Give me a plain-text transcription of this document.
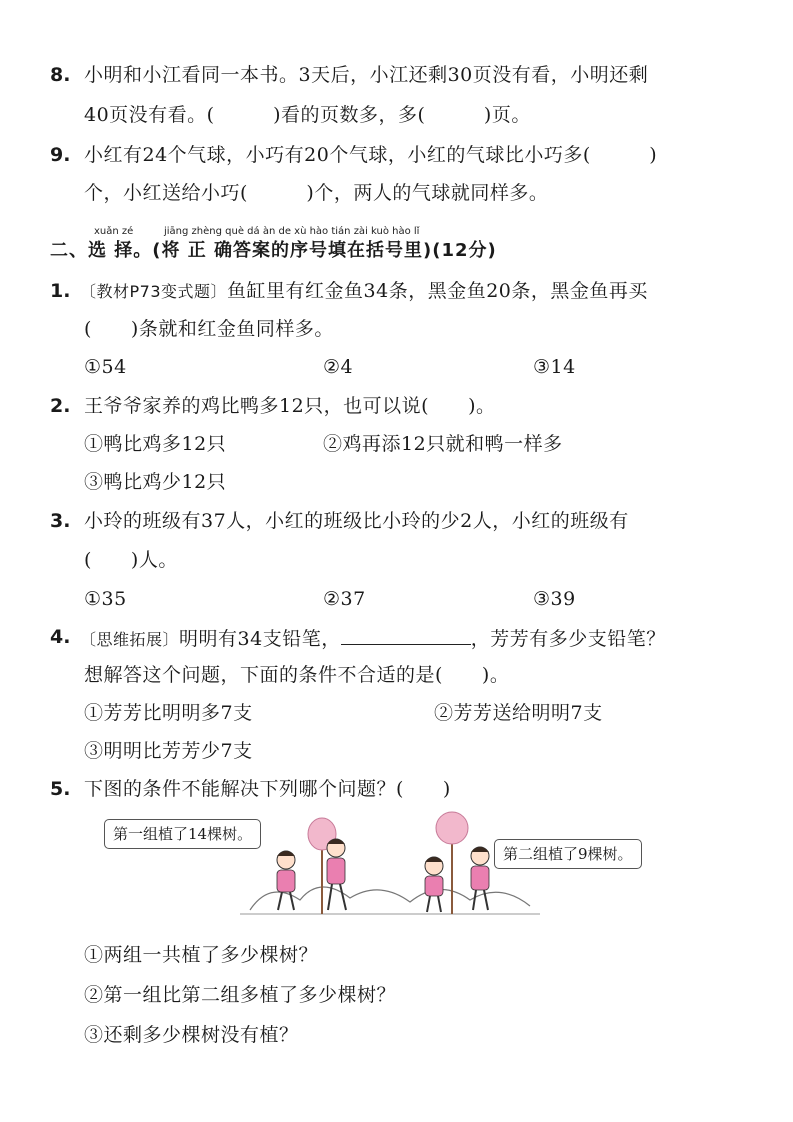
8. 小明和小江看同一本书。3天后，小江还剩30页没有看，小明还剩
40页没有看。(　　　)看的页数多，多(　　　)页。
9. 小红有24个气球，小巧有20个气球，小红的气球比小巧多(　　　)
个，小红送给小巧(　　　)个，两人的气球就同样多。
xuǎn zé	jiāng zhèng què dá àn de xù hào tián zài kuò hào lǐ
二、选 择。(将 正 确答案的序号填在括号里)(12分)
1. 〔教材P73变式题〕鱼缸里有红金鱼34条，黑金鱼20条，黑金鱼再买
(　　)条就和红金鱼同样多。
①54	②4	③14
2. 王爷爷家养的鸡比鸭多12只，也可以说(　　)。
①鸭比鸡多12只	②鸡再添12只就和鸭一样多
③鸭比鸡少12只
3. 小玲的班级有37人，小红的班级比小玲的少2人，小红的班级有
(　　)人。
①35	②37	③39
4. 〔思维拓展〕明明有34支铅笔，	，芳芳有多少支铅笔？
想解答这个问题，下面的条件不合适的是(　　)。
①芳芳比明明多7支	②芳芳送给明明7支
③明明比芳芳少7支
5. 下图的条件不能解决下列哪个问题？(　　)
第一组植了14棵树。
第二组植了9棵树。
①两组一共植了多少棵树？
②第一组比第二组多植了多少棵树？
③还剩多少棵树没有植？
